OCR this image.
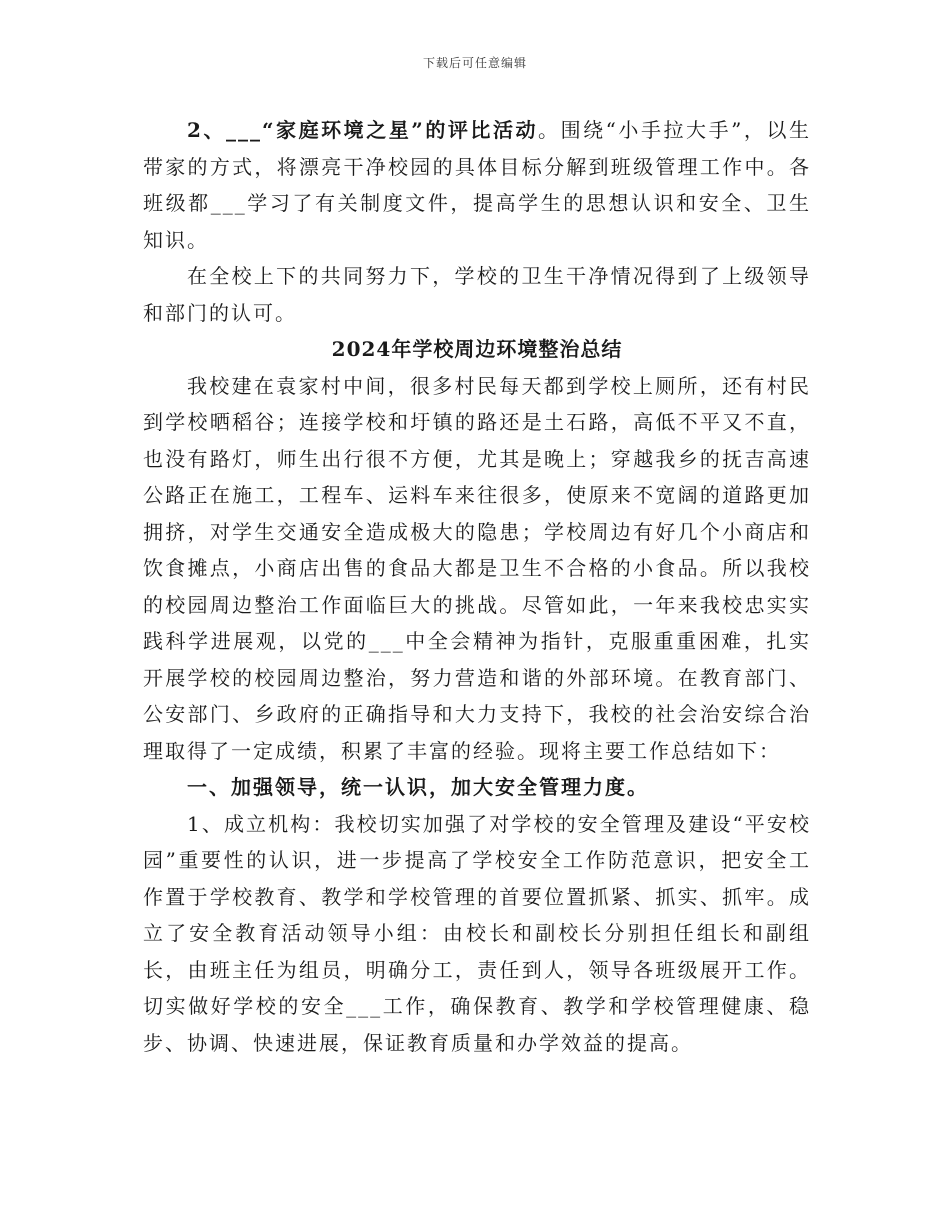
下载后可任意编辑

2、___“家庭环境之星”的评比活动。围绕“小手拉大手”，以生带家的方式，将漂亮干净校园的具体目标分解到班级管理工作中。各班级都___学习了有关制度文件，提高学生的思想认识和安全、卫生知识。

在全校上下的共同努力下，学校的卫生干净情况得到了上级领导和部门的认可。

2024年学校周边环境整治总结

我校建在袁家村中间，很多村民每天都到学校上厕所，还有村民到学校晒稻谷；连接学校和圩镇的路还是土石路，高低不平又不直，也没有路灯，师生出行很不方便，尤其是晚上；穿越我乡的抚吉高速公路正在施工，工程车、运料车来往很多，使原来不宽阔的道路更加拥挤，对学生交通安全造成极大的隐患；学校周边有好几个小商店和饮食摊点，小商店出售的食品大都是卫生不合格的小食品。所以我校的校园周边整治工作面临巨大的挑战。尽管如此，一年来我校忠实实践科学进展观，以党的___中全会精神为指针，克服重重困难，扎实开展学校的校园周边整治，努力营造和谐的外部环境。在教育部门、公安部门、乡政府的正确指导和大力支持下，我校的社会治安综合治理取得了一定成绩，积累了丰富的经验。现将主要工作总结如下：

一、加强领导，统一认识，加大安全管理力度。

1、成立机构：我校切实加强了对学校的安全管理及建设“平安校园”重要性的认识，进一步提高了学校安全工作防范意识，把安全工作置于学校教育、教学和学校管理的首要位置抓紧、抓实、抓牢。成立了安全教育活动领导小组：由校长和副校长分别担任组长和副组长，由班主任为组员，明确分工，责任到人，领导各班级展开工作。切实做好学校的安全___工作，确保教育、教学和学校管理健康、稳步、协调、快速进展，保证教育质量和办学效益的提高。
